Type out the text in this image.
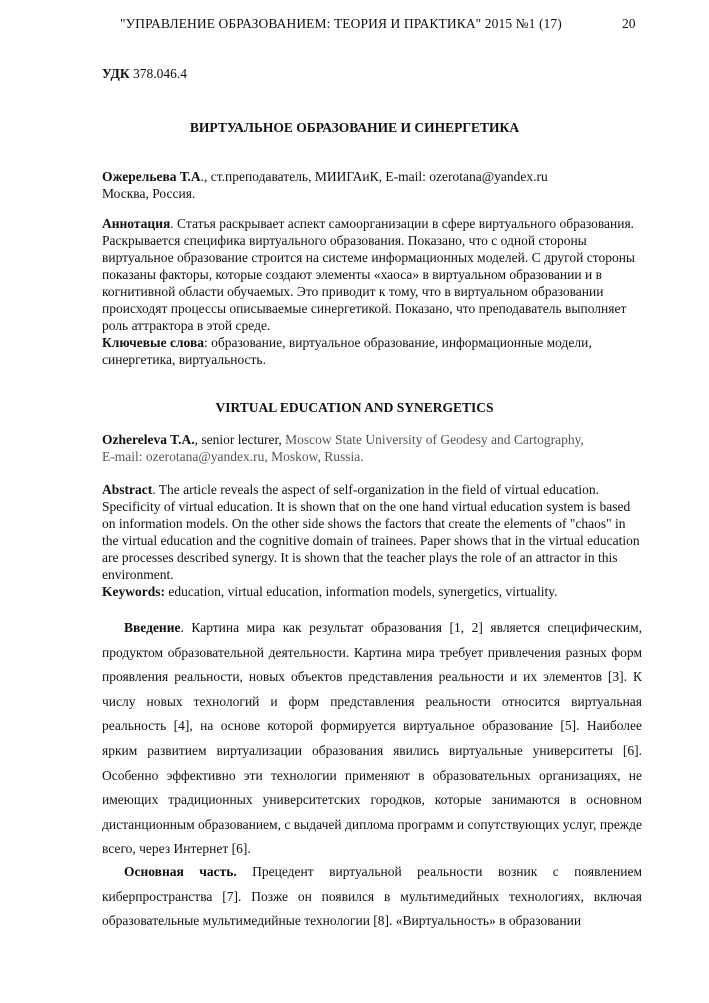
"УПРАВЛЕНИЕ ОБРАЗОВАНИЕМ: ТЕОРИЯ И ПРАКТИКА" 2015 №1 (17)	20
УДК 378.046.4
ВИРТУАЛЬНОЕ ОБРАЗОВАНИЕ И СИНЕРГЕТИКА
Ожерельева Т.А., ст.преподаватель, МИИГАиК, E-mail: ozerotana@yandex.ru
Москва, Россия.
Аннотация. Статья раскрывает аспект самоорганизации в сфере виртуального образования. Раскрывается специфика виртуального образования. Показано, что с одной стороны виртуальное образование строится на системе информационных моделей. С другой стороны показаны факторы, которые создают элементы «хаоса» в виртуальном образовании и в когнитивной области обучаемых. Это приводит к тому, что в виртуальном образовании происходят процессы описываемые синергетикой. Показано, что преподаватель выполняет роль аттрактора в этой среде.
Ключевые слова: образование, виртуальное образование, информационные модели, синергетика, виртуальность.
VIRTUAL EDUCATION AND SYNERGETICS
Ozhereleva T.A., senior lecturer, Moscow State University of Geodesy and Cartography,
E-mail: ozerotana@yandex.ru, Moskow, Russia.
Abstract. The article reveals the aspect of self-organization in the field of virtual education. Specificity of virtual education. It is shown that on the one hand virtual education system is based on information models. On the other side shows the factors that create the elements of "chaos" in the virtual education and the cognitive domain of trainees. Paper shows that in the virtual education are processes described synergy. It is shown that the teacher plays the role of an attractor in this environment.
Keywords: education, virtual education, information models, synergetics, virtuality.
Введение. Картина мира как результат образования [1, 2] является специфическим, продуктом образовательной деятельности. Картина мира требует привлечения разных форм проявления реальности, новых объектов представления реальности и их элементов [3]. К числу новых технологий и форм представления реальности относится виртуальная реальность [4], на основе которой формируется виртуальное образование [5]. Наиболее ярким развитием виртуализации образования явились виртуальные университеты [6]. Особенно эффективно эти технологии применяют в образовательных организациях, не имеющих традиционных университетских городков, которые занимаются в основном дистанционным образованием, с выдачей диплома программ и сопутствующих услуг, прежде всего, через Интернет [6].
Основная часть. Прецедент виртуальной реальности возник с появлением киберпространства [7]. Позже он появился в мультимедийных технологиях, включая образовательные мультимедийные технологии [8]. «Виртуальность» в образовании
